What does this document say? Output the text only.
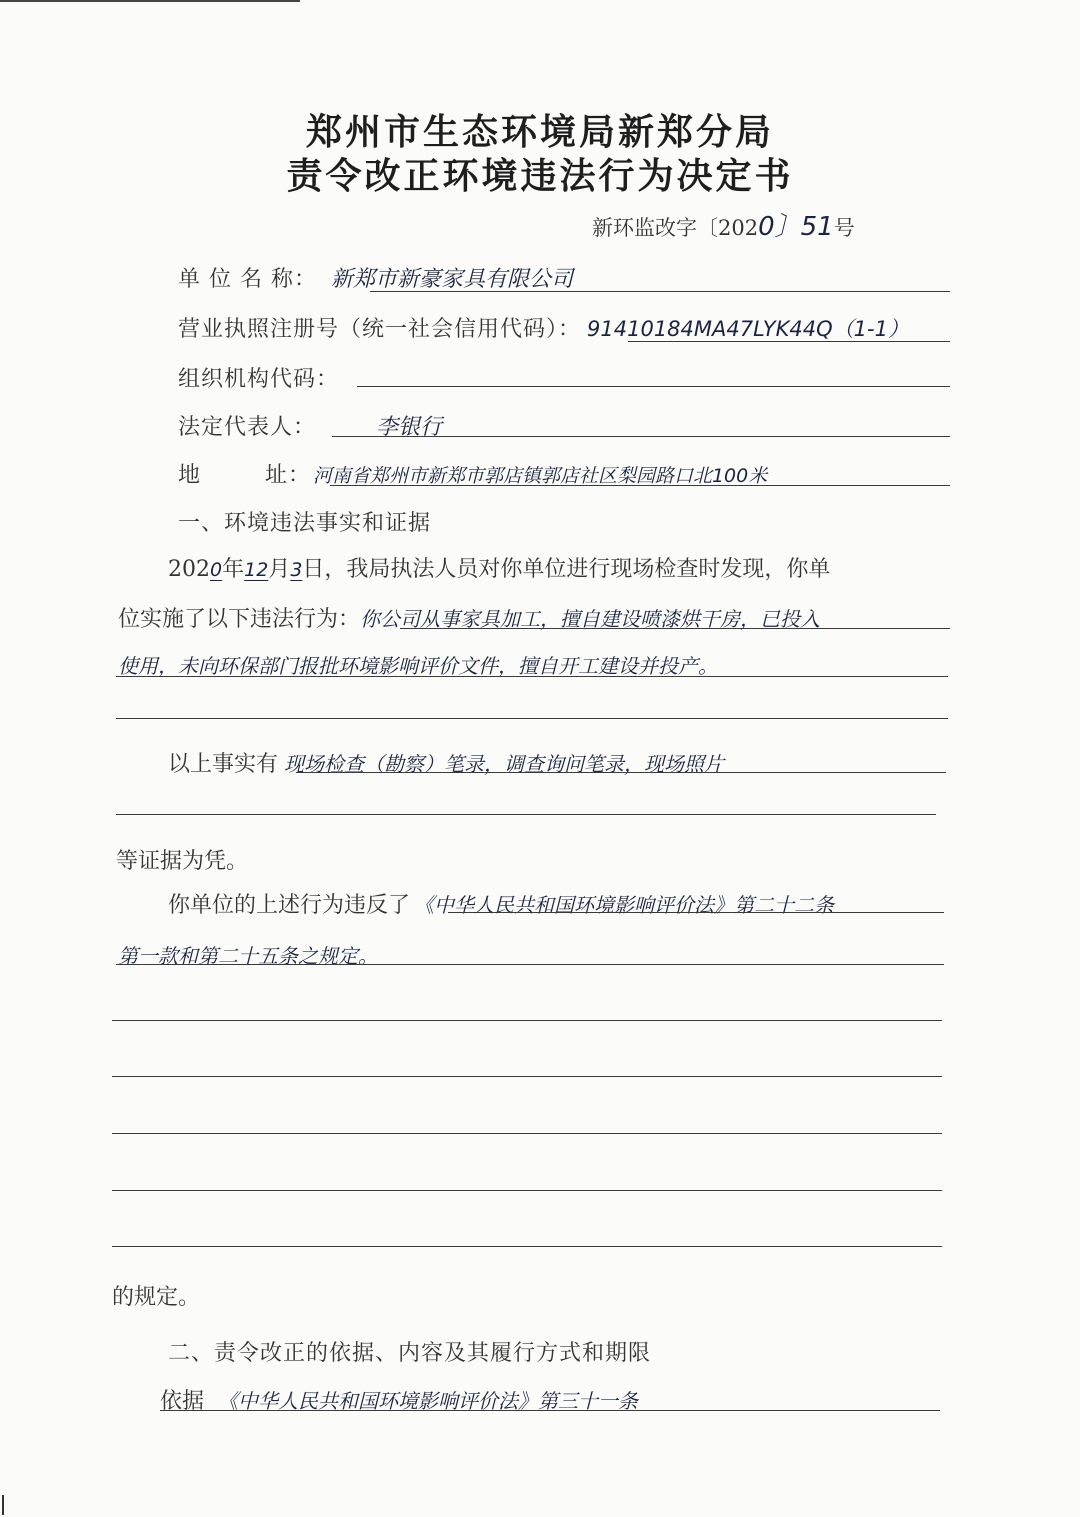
郑州市生态环境局新郑分局
责令改正环境违法行为决定书
新环监改字〔2020〕51号
单 位 名 称： 新郑市新豪家具有限公司
营业执照注册号（统一社会信用代码）： 91410184MA47LYK44Q（1-1）
组织机构代码：
法定代表人：	李银行
地        址： 河南省郑州市新郑市郭店镇郭店社区梨园路口北100米
一、环境违法事实和证据
2020年12月3日，我局执法人员对你单位进行现场检查时发现，你单
位实施了以下违法行为：你公司从事家具加工，擅自建设喷漆烘干房，已投入
使用，未向环保部门报批环境影响评价文件，擅自开工建设并投产。
以上事实有 现场检查（勘察）笔录，调查询问笔录，现场照片
等证据为凭。
你单位的上述行为违反了 《中华人民共和国环境影响评价法》第二十二条
第一款和第二十五条之规定。
的规定。
二、责令改正的依据、内容及其履行方式和期限
依据 《中华人民共和国环境影响评价法》第三十一条
